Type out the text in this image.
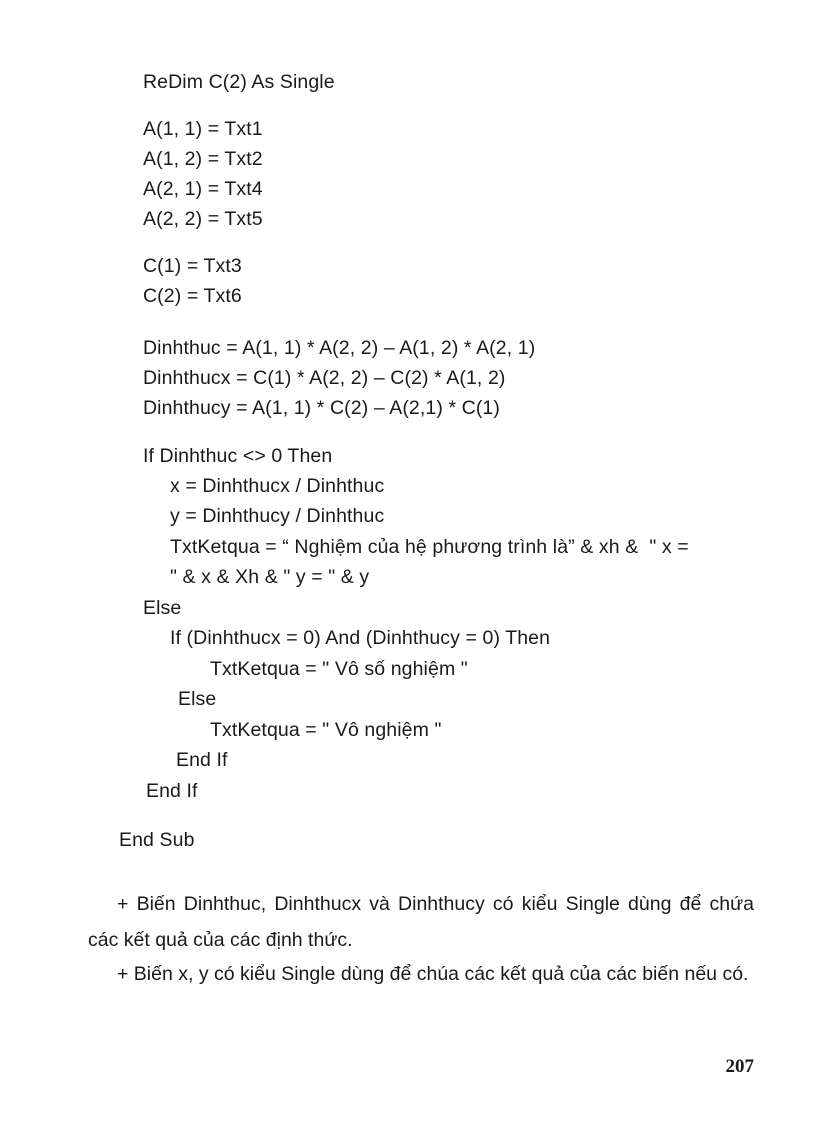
ReDim C(2) As Single
A(1, 1) = Txt1
A(1, 2) = Txt2
A(2, 1) = Txt4
A(2, 2) = Txt5
C(1) = Txt3
C(2) = Txt6
Dinhthuc = A(1, 1) * A(2, 2) – A(1, 2) * A(2, 1)
Dinhthucx = C(1) * A(2, 2) – C(2) * A(1, 2)
Dinhthucy = A(1, 1) * C(2) – A(2,1) * C(1)
If Dinhthuc <> 0 Then
x = Dinhthucx / Dinhthuc
y = Dinhthucy / Dinhthuc
TxtKetqua = “ Nghiệm của hệ phương trình là” & xh &  " x =
" & x & Xh & " y = " & y
Else
If (Dinhthucx = 0) And (Dinhthucy = 0) Then
TxtKetqua = " Vô số nghiệm "
Else
TxtKetqua = " Vô nghiệm "
End If
End If
End Sub
+ Biến Dinhthuc, Dinhthucx và Dinhthucy có kiểu Single dùng để chứa các kết quả của các định thức.
+ Biến x, y có kiểu Single dùng để chúa các kết quả của các biến nếu có.
207
